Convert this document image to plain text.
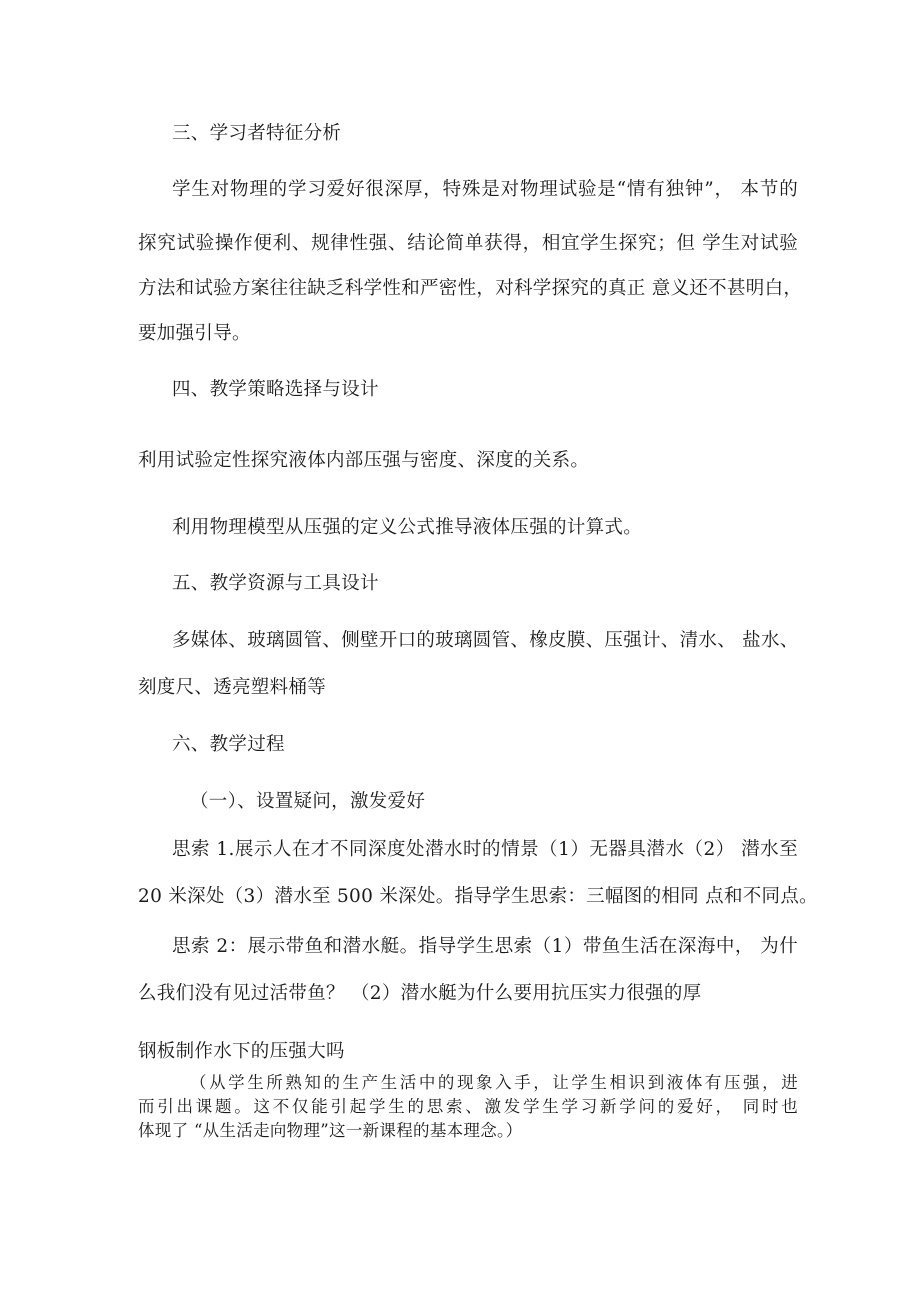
三、学习者特征分析
学生对物理的学习爱好很深厚，特殊是对物理试验是“情有独钟”， 本节的
探究试验操作便利、规律性强、结论简单获得，相宜学生探究；但 学生对试验
方法和试验方案往往缺乏科学性和严密性，对科学探究的真正 意义还不甚明白，
要加强引导。
四、教学策略选择与设计
利用试验定性探究液体内部压强与密度、深度的关系。
利用物理模型从压强的定义公式推导液体压强的计算式。
五、教学资源与工具设计
多媒体、玻璃圆管、侧壁开口的玻璃圆管、橡皮膜、压强计、清水、 盐水、
刻度尺、透亮塑料桶等
六、教学过程
（一）、设置疑问，激发爱好
思索 1.展示人在才不同深度处潜水时的情景（1）无器具潜水（2） 潜水至
20 米深处（3）潜水至 500 米深处。指导学生思索：三幅图的相同 点和不同点。
思索 2：展示带鱼和潜水艇。指导学生思索（1）带鱼生活在深海中， 为什
么我们没有见过活带鱼？ （2）潜水艇为什么要用抗压实力很强的厚
钢板制作水下的压强大吗
（从学生所熟知的生产生活中的现象入手，让学生相识到液体有压强，进
而引出课题。这不仅能引起学生的思索、激发学生学习新学问的爱好， 同时也
体现了 “从生活走向物理”这一新课程的基本理念。）
